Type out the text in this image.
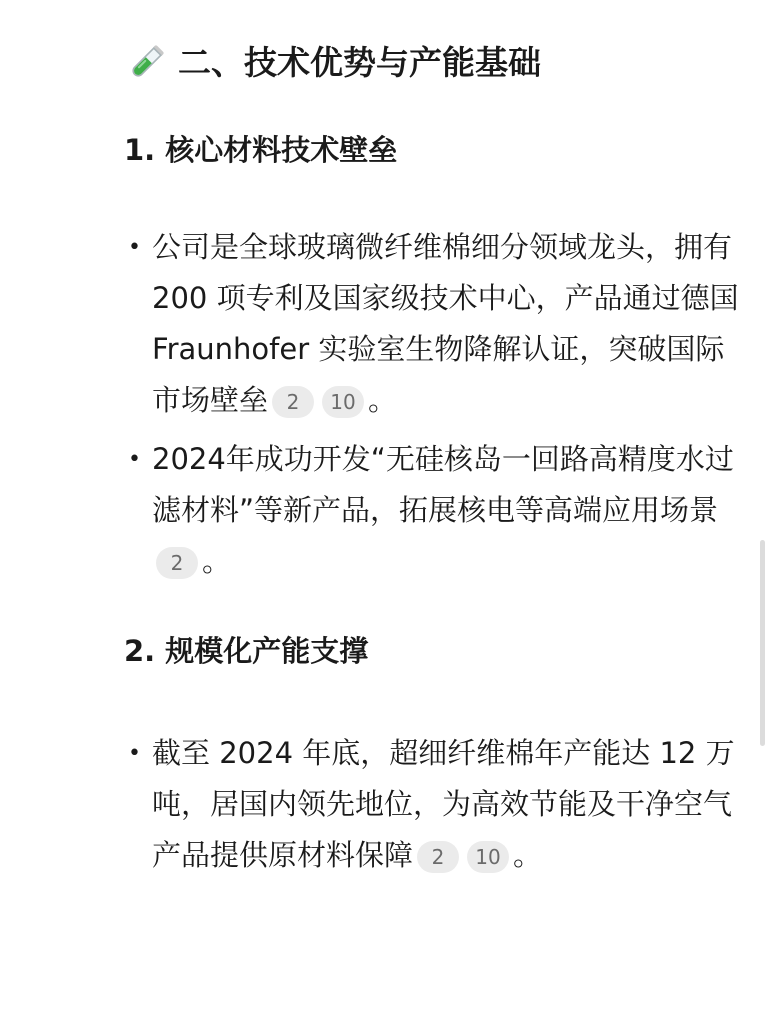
二、技术优势与产能基础
1. 核心材料技术壁垒
• 公司是全球玻璃微纤维棉细分领域龙头，拥有 200 项专利及国家级技术中心，产品通过德国 Fraunhofer 实验室生物降解认证，突破国际市场壁垒 2 10 。
• 2024年成功开发“无硅核岛一回路高精度水过滤材料”等新产品，拓展核电等高端应用场景2 。
2. 规模化产能支撑
• 截至 2024 年底，超细纤维棉年产能达 12 万吨，居国内领先地位，为高效节能及干净空气产品提供原材料保障 2 10 。
